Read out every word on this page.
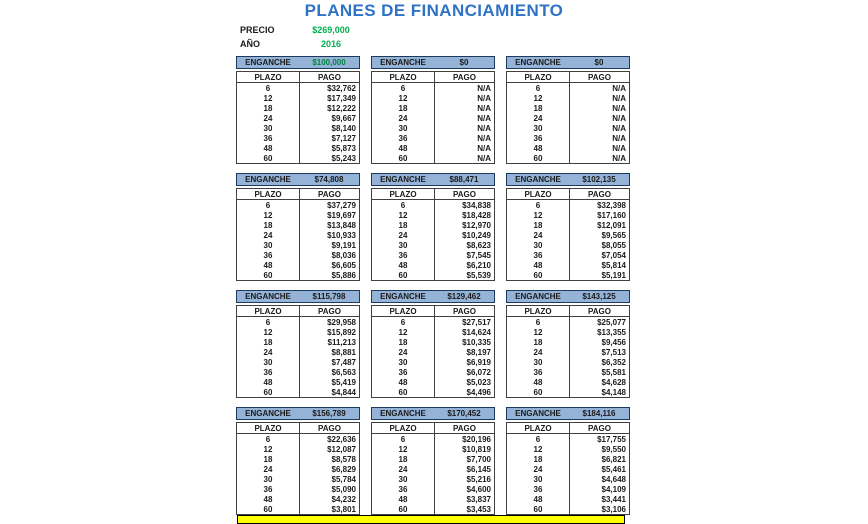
PLANES DE FINANCIAMIENTO
PRECIO	$269,000
AÑO	2016
ENGANCHE	$100,000
PLAZO	PAGO
6	$32,762
12	$17,349
18	$12,222
24	$9,667
30	$8,140
36	$7,127
48	$5,873
60	$5,243
ENGANCHE	$0
PLAZO	PAGO
6	N/A
12	N/A
18	N/A
24	N/A
30	N/A
36	N/A
48	N/A
60	N/A
ENGANCHE	$0
PLAZO	PAGO
6	N/A
12	N/A
18	N/A
24	N/A
30	N/A
36	N/A
48	N/A
60	N/A
ENGANCHE	$74,808
PLAZO	PAGO
6	$37,279
12	$19,697
18	$13,848
24	$10,933
30	$9,191
36	$8,036
48	$6,605
60	$5,886
ENGANCHE	$88,471
PLAZO	PAGO
6	$34,838
12	$18,428
18	$12,970
24	$10,249
30	$8,623
36	$7,545
48	$6,210
60	$5,539
ENGANCHE	$102,135
PLAZO	PAGO
6	$32,398
12	$17,160
18	$12,091
24	$9,565
30	$8,055
36	$7,054
48	$5,814
60	$5,191
ENGANCHE	$115,798
PLAZO	PAGO
6	$29,958
12	$15,892
18	$11,213
24	$8,881
30	$7,487
36	$6,563
48	$5,419
60	$4,844
ENGANCHE	$129,462
PLAZO	PAGO
6	$27,517
12	$14,624
18	$10,335
24	$8,197
30	$6,919
36	$6,072
48	$5,023
60	$4,496
ENGANCHE	$143,125
PLAZO	PAGO
6	$25,077
12	$13,355
18	$9,456
24	$7,513
30	$6,352
36	$5,581
48	$4,628
60	$4,148
ENGANCHE	$156,789
PLAZO	PAGO
6	$22,636
12	$12,087
18	$8,578
24	$6,829
30	$5,784
36	$5,090
48	$4,232
60	$3,801
ENGANCHE	$170,452
PLAZO	PAGO
6	$20,196
12	$10,819
18	$7,700
24	$6,145
30	$5,216
36	$4,600
48	$3,837
60	$3,453
ENGANCHE	$184,116
PLAZO	PAGO
6	$17,755
12	$9,550
18	$6,821
24	$5,461
30	$4,648
36	$4,109
48	$3,441
60	$3,106
